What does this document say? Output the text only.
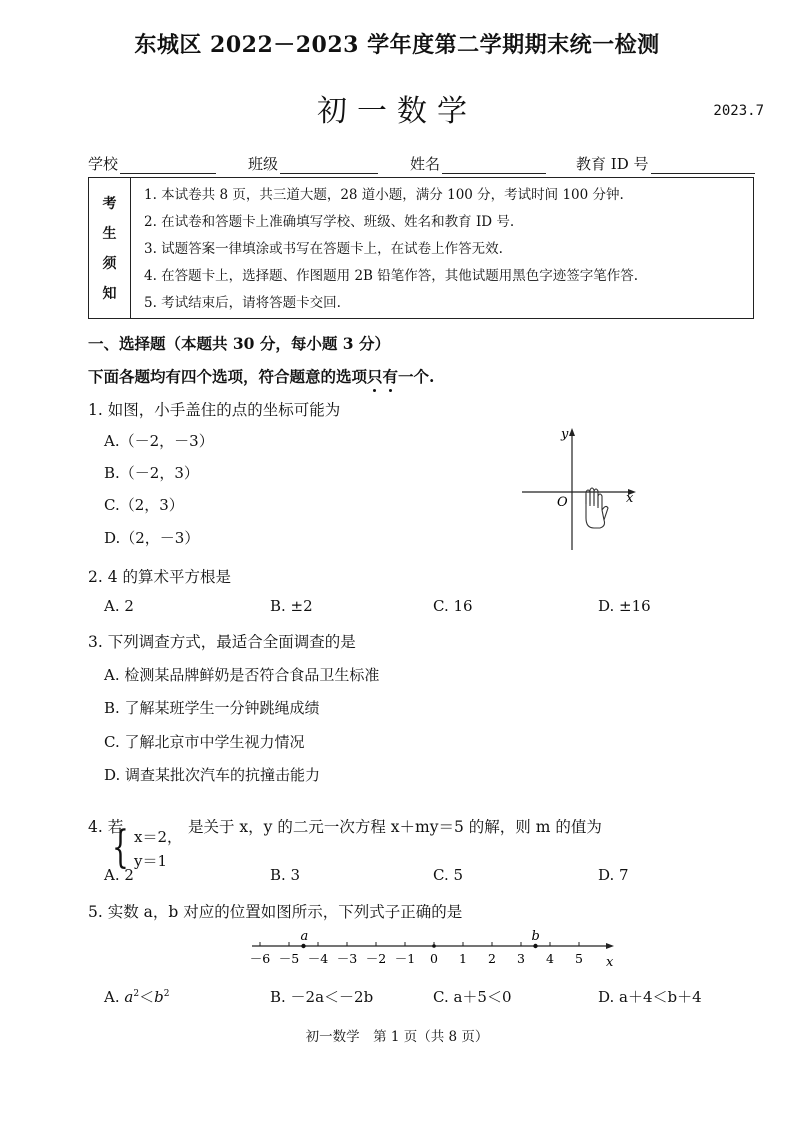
东城区 2022－2023 学年度第二学期期末统一检测
初一数学	2023.7
学校	班级	姓名	教育 ID 号
考
生
须
知
1. 本试卷共 8 页，共三道大题，28 道小题，满分 100 分，考试时间 100 分钟.
2. 在试卷和答题卡上准确填写学校、班级、姓名和教育 ID 号.
3. 试题答案一律填涂或书写在答题卡上，在试卷上作答无效.
4. 在答题卡上，选择题、作图题用 2B 铅笔作答，其他试题用黑色字迹签字笔作答.
5. 考试结束后，请将答题卡交回.
一、选择题（本题共 30 分，每小题 3 分）
下面各题均有四个选项，符合题意的选项只有一个.
1. 如图，小手盖住的点的坐标可能为
A.（－2，－3）
B.（－2，3）
C.（2，3）
D.（2，－3）
y
x
O
2. 4 的算术平方根是
A. 2	B. ±2	C. 16	D. ±16
3. 下列调查方式，最适合全面调查的是
A. 检测某品牌鲜奶是否符合食品卫生标准
B. 了解某班学生一分钟跳绳成绩
C. 了解北京市中学生视力情况
D. 调查某批次汽车的抗撞击能力
4. 若
{ x＝2，
y＝1
是关于 x，y 的二元一次方程 x＋my＝5 的解，则 m 的值为
A. 2	B. 3	C. 5	D. 7
5. 实数 a，b 对应的位置如图所示，下列式子正确的是
x
－6 －5 －4 －3 －2 －1 0 1 2 3 4 5
a	b
A. $a^2<b^2$	B. －2a＜－2b	C. a＋5＜0	D. a＋4＜b＋4
初一数学　第 1 页（共 8 页）
